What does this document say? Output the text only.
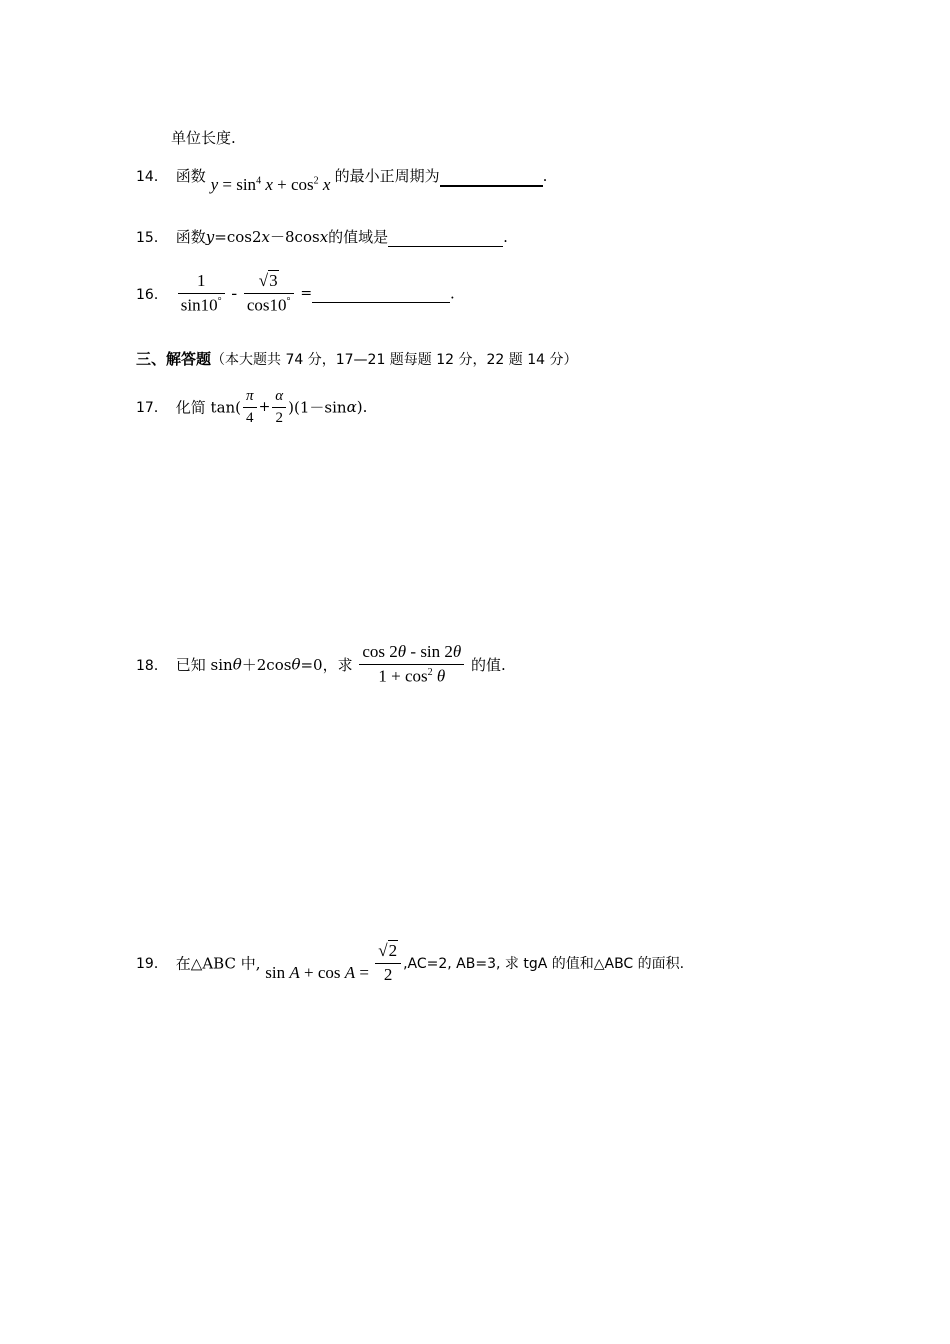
单位长度.
14． 函数 $y = \sin^4 x + \cos^2 x$ 的最小正周期为	.
15． 函数y=cos2x－8cosx的值域是	.
16． $\frac{1}{\sin 10^\circ} - \frac{√3}{\cos 10^\circ}$ =	.
三、解答题（本大题共 74 分，17—21 题每题 12 分，22 题 14 分）
17． 化简 $\tan( \frac{\pi}{4} + \frac{\alpha}{2} )(1-\sin\alpha)$.
18． 已知 sinθ＋2cosθ=0，求 $\frac{\cos 2\theta - \sin 2\theta}{1 + \cos^2 \theta}$ 的值.
19． 在△ABC 中, $\sin A + \cos A = \frac{√2}{2} ,AC=2$, AB=3, 求 tgA 的值和△ABC 的面积.
